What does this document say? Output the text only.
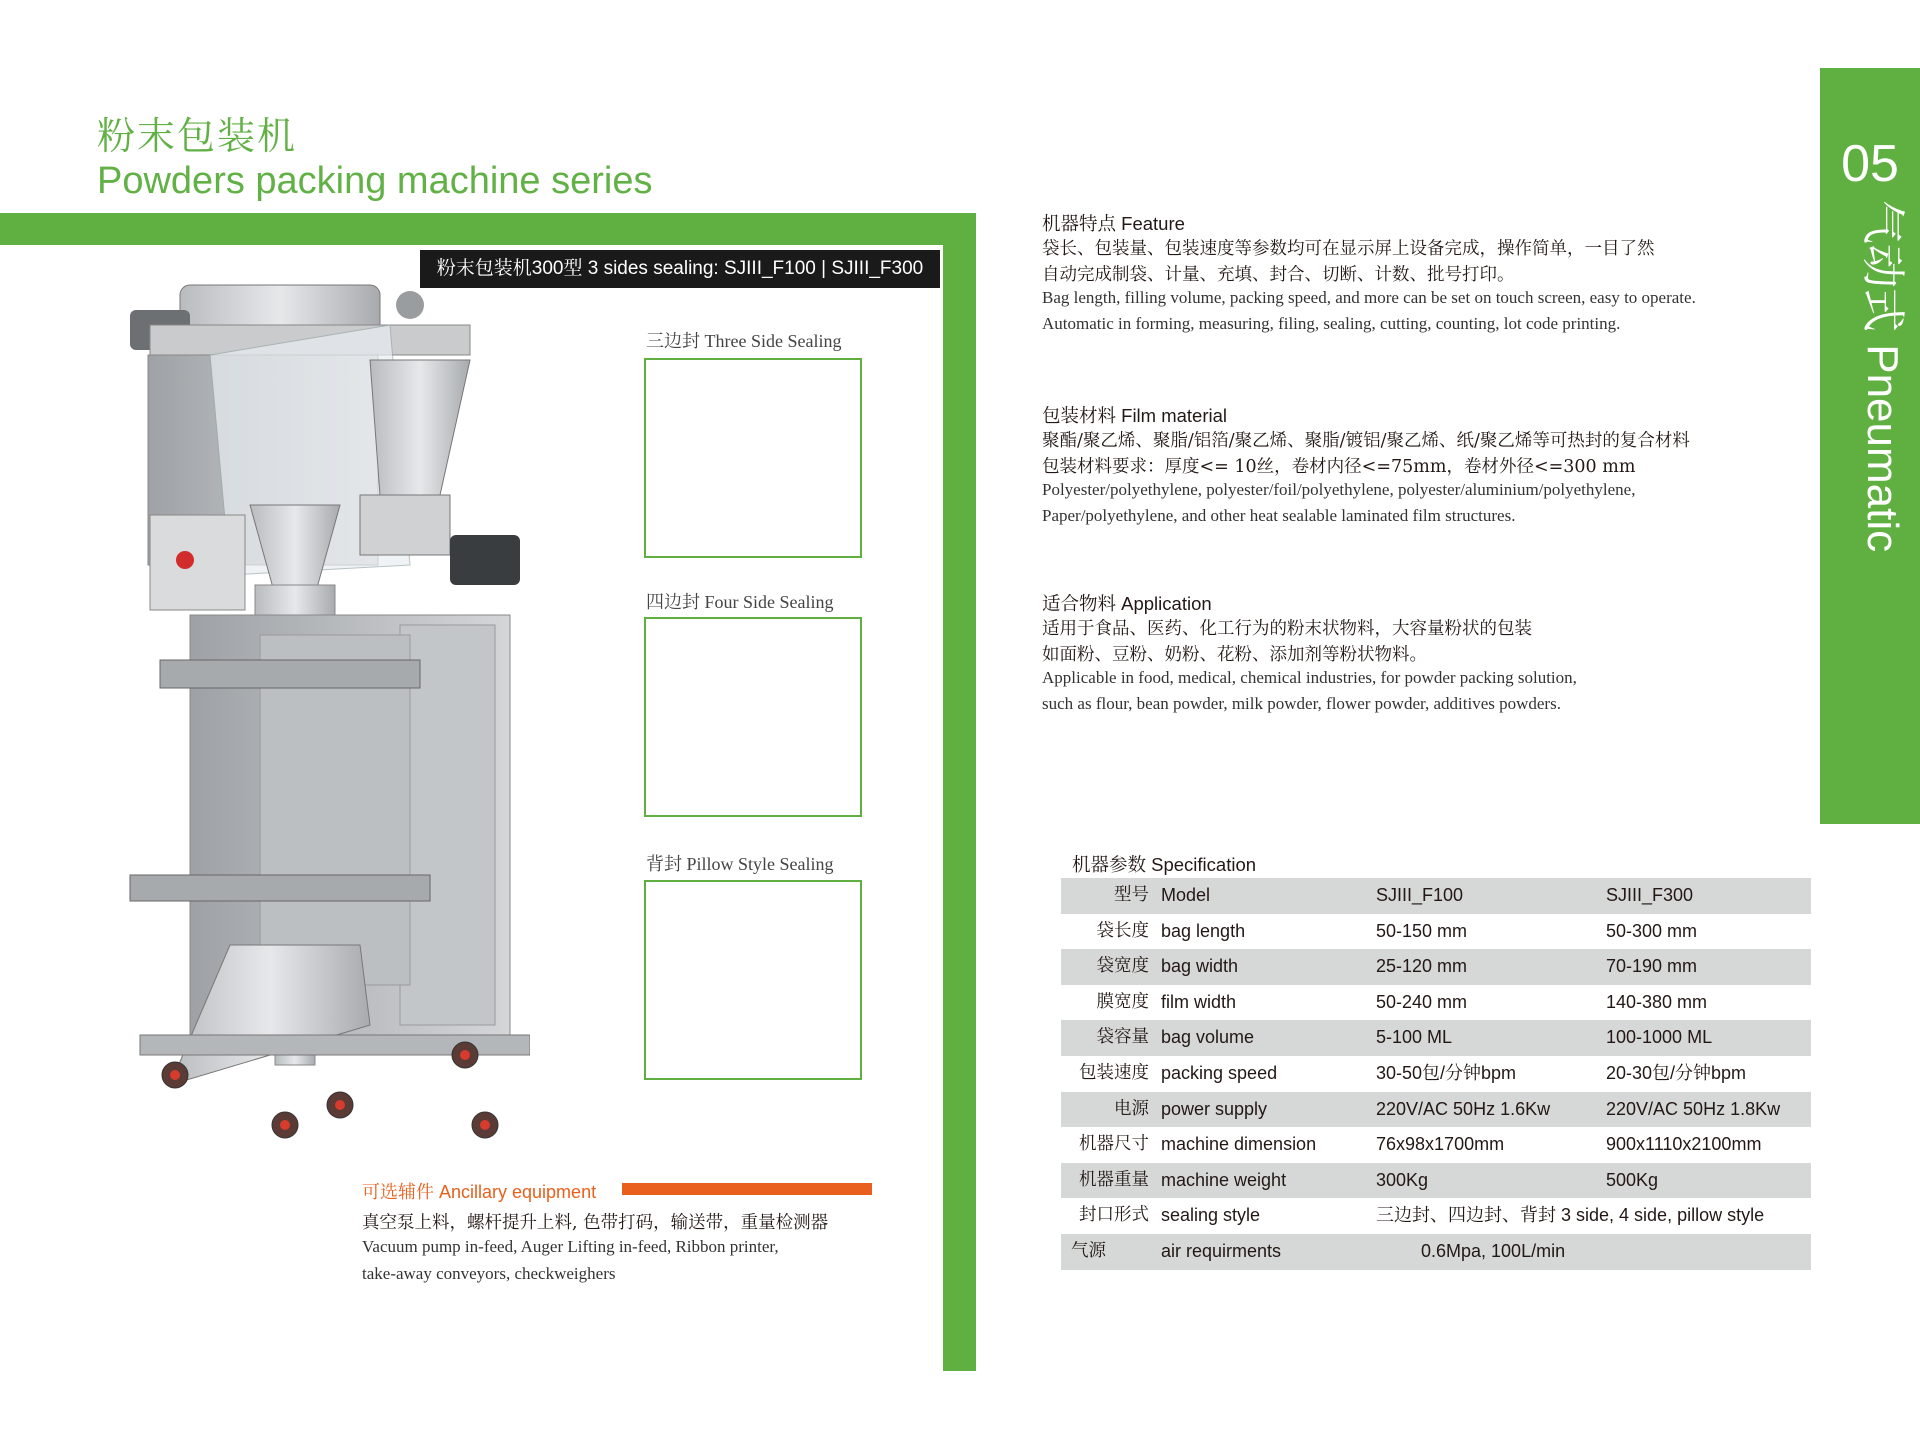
粉末包装机
Powders packing machine series
粉末包装机300型 3 sides sealing: SJIII_F100 | SJIII_F300
05
气动式 Pneumatic
三边封 Three Side Sealing
四边封 Four Side Sealing
背封 Pillow Style Sealing
可选辅件 Ancillary equipment
真空泵上料，螺杆提升上料, 色带打码，输送带，重量检测器
Vacuum pump in-feed, Auger Lifting in-feed, Ribbon printer,
take-away conveyors, checkweighers
机器特点 Feature
袋长、包装量、包装速度等参数均可在显示屏上设备完成，操作简单，一目了然
自动完成制袋、计量、充填、封合、切断、计数、批号打印。
Bag length, filling volume, packing speed, and more can be set on touch screen, easy to operate.
Automatic in forming, measuring, filing, sealing, cutting, counting, lot code printing.
包装材料 Film material
聚酯/聚乙烯、聚脂/铝箔/聚乙烯、聚脂/镀铝/聚乙烯、纸/聚乙烯等可热封的复合材料
包装材料要求：厚度<= 10丝，卷材内径<=75mm，卷材外径<=300 mm
Polyester/polyethylene, polyester/foil/polyethylene, polyester/aluminium/polyethylene,
Paper/polyethylene, and other heat sealable laminated film structures.
适合物料 Application
适用于食品、医药、化工行为的粉末状物料，大容量粉状的包装
如面粉、豆粉、奶粉、花粉、添加剂等粉状物料。
Applicable in food, medical, chemical industries, for powder packing solution,
such as flour, bean powder, milk powder, flower powder, additives powders.
机器参数 Specification
型号 Model	SJIII_F100	SJIII_F300
袋长度 bag length	50-150 mm	50-300 mm
袋宽度 bag width	25-120 mm	70-190 mm
膜宽度 film width	50-240 mm	140-380 mm
袋容量 bag volume	5-100 ML	100-1000 ML
包装速度 packing speed	30-50包/分钟bpm	20-30包/分钟bpm
电源 power supply	220V/AC 50Hz 1.6Kw	220V/AC 50Hz 1.8Kw
机器尺寸 machine dimension	76x98x1700mm	900x1110x2100mm
机器重量 machine weight	300Kg	500Kg
封口形式 sealing style	三边封、四边封、背封 3 side, 4 side, pillow style
气源	air requirments	0.6Mpa, 100L/min
